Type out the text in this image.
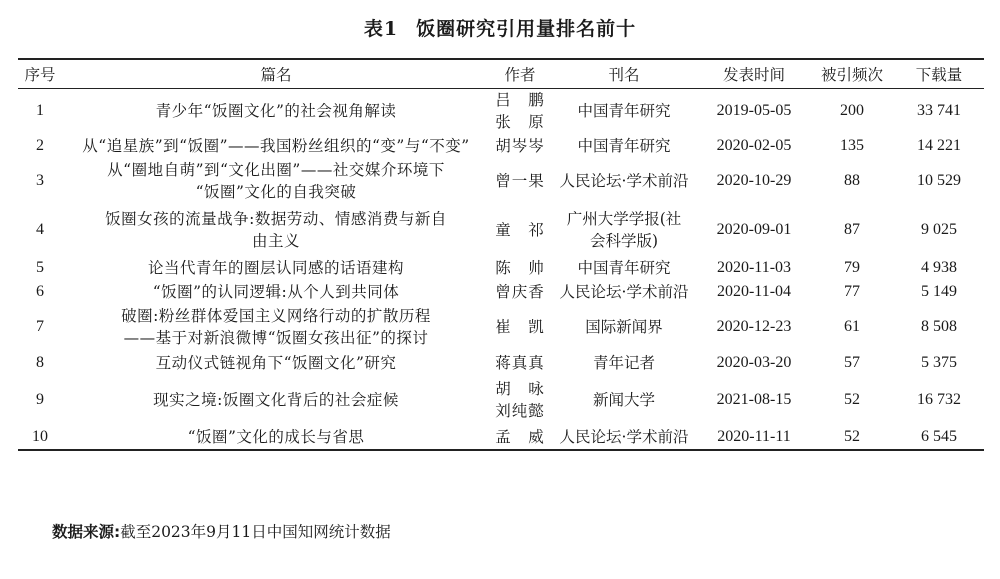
表1 饭圈研究引用量排名前十
序号	篇名	作者	刊名	发表时间	被引频次	下载量
1	青少年“饭圈文化”的社会视角解读	吕　鹏
张　原	中国青年研究	2019-05-05	200	33 741
2	从“追星族”到“饭圈”——我国粉丝组织的“变”与“不变”	胡岑岑	中国青年研究	2020-02-05	135	14 221
3	从“圈地自萌”到“文化出圈”——社交媒介环境下
“饭圈”文化的自我突破	曾一果	人民论坛·学术前沿	2020-10-29	88	10 529
4	饭圈女孩的流量战争:数据劳动、情感消费与新自
由主义	童　祁	广州大学学报(社
会科学版)	2020-09-01	87	9 025
5	论当代青年的圈层认同感的话语建构	陈　帅	中国青年研究	2020-11-03	79	4 938
6	“饭圈”的认同逻辑:从个人到共同体	曾庆香	人民论坛·学术前沿	2020-11-04	77	5 149
7	破圈:粉丝群体爱国主义网络行动的扩散历程
——基于对新浪微博“饭圈女孩出征”的探讨	崔　凯	国际新闻界	2020-12-23	61	8 508
8	互动仪式链视角下“饭圈文化”研究	蒋真真	青年记者	2020-03-20	57	5 375
9	现实之境:饭圈文化背后的社会症候	胡　咏
刘纯懿	新闻大学	2021-08-15	52	16 732
10	“饭圈”文化的成长与省思	孟　威	人民论坛·学术前沿	2020-11-11	52	6 545
数据来源:截至2023年9月11日中国知网统计数据
